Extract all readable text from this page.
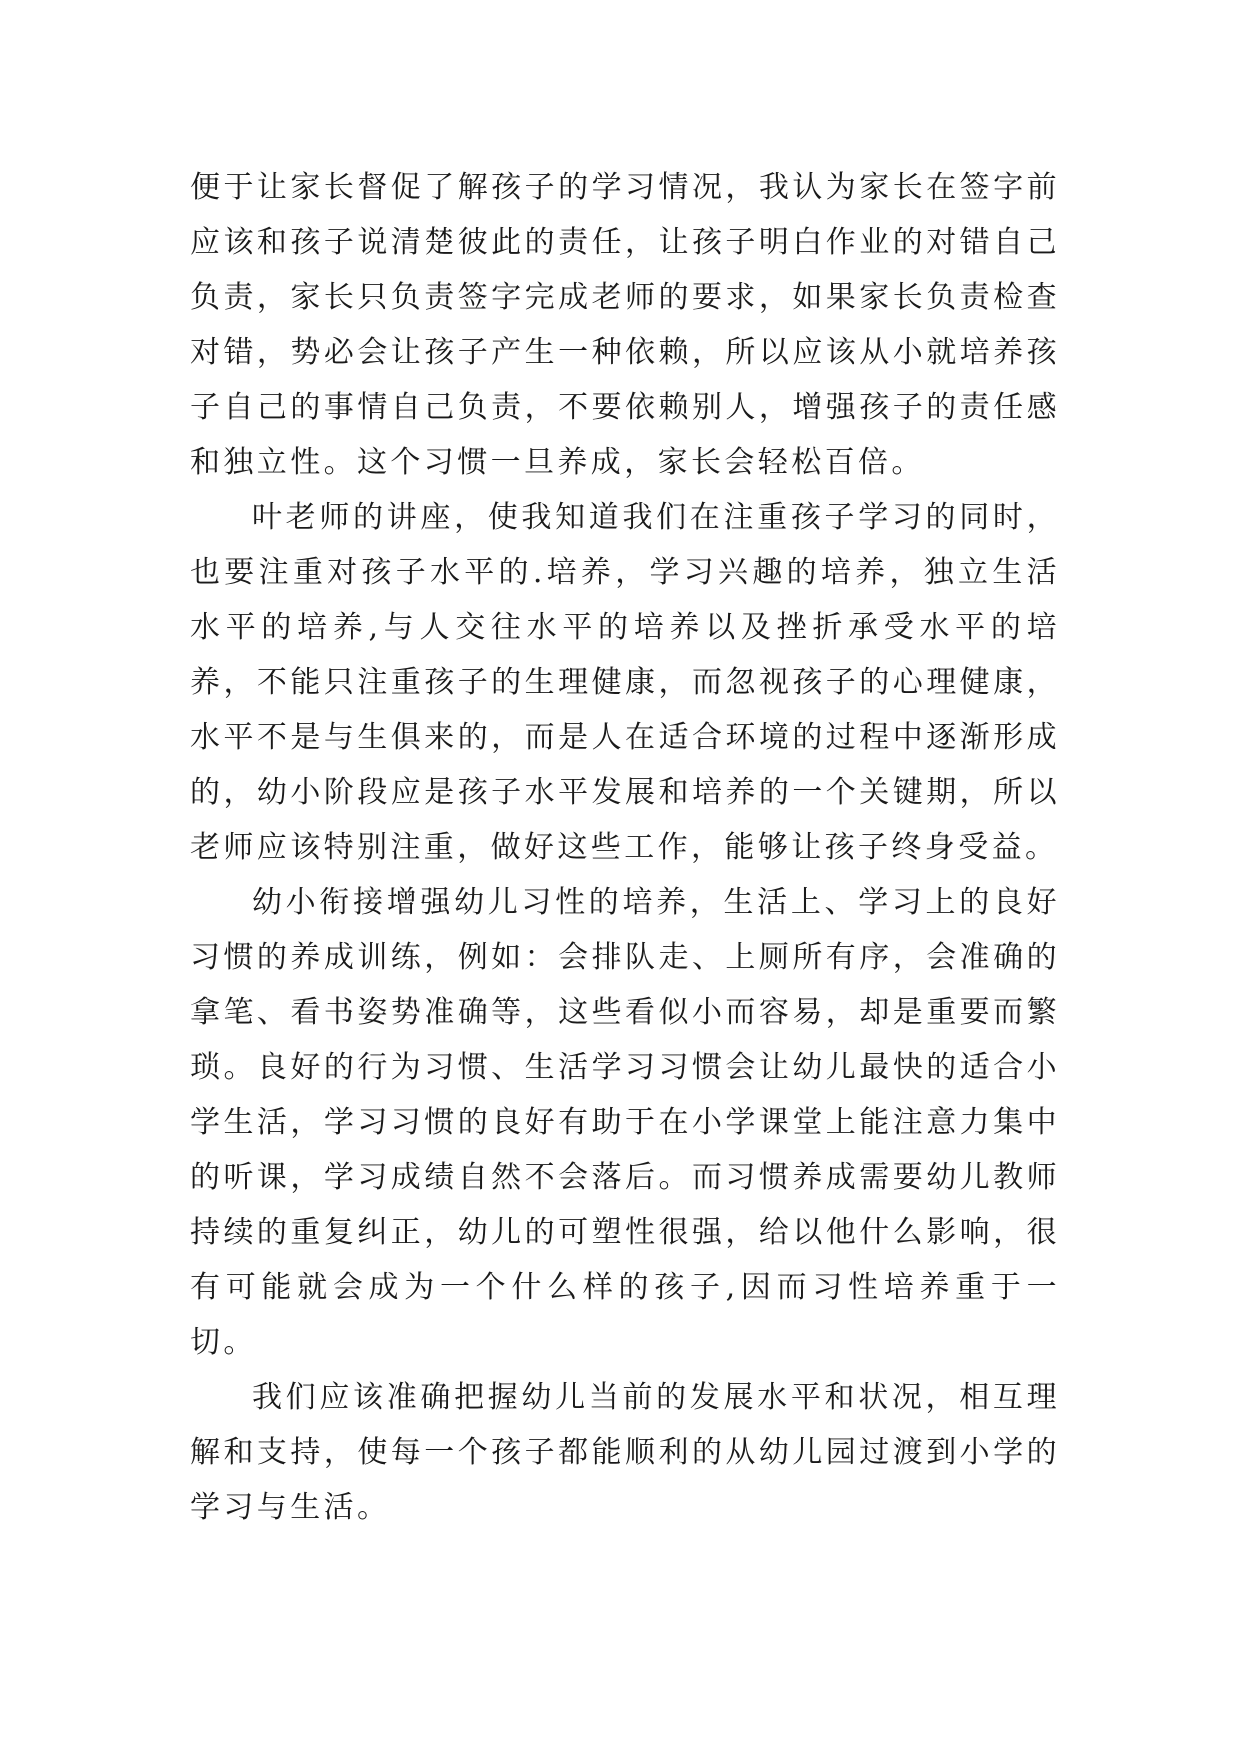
便于让家长督促了解孩子的学习情况，我认为家长在签字前应该和孩子说清楚彼此的责任，让孩子明白作业的对错自己负责，家长只负责签字完成老师的要求，如果家长负责检查对错，势必会让孩子产生一种依赖，所以应该从小就培养孩子自己的事情自己负责，不要依赖别人，增强孩子的责任感和独立性。这个习惯一旦养成，家长会轻松百倍。

叶老师的讲座，使我知道我们在注重孩子学习的同时，也要注重对孩子水平的.培养，学习兴趣的培养，独立生活水平的培养,与人交往水平的培养以及挫折承受水平的培养，不能只注重孩子的生理健康，而忽视孩子的心理健康，水平不是与生俱来的，而是人在适合环境的过程中逐渐形成的，幼小阶段应是孩子水平发展和培养的一个关键期，所以老师应该特别注重，做好这些工作，能够让孩子终身受益。

幼小衔接增强幼儿习性的培养，生活上、学习上的良好习惯的养成训练，例如：会排队走、上厕所有序，会准确的拿笔、看书姿势准确等，这些看似小而容易，却是重要而繁琐。良好的行为习惯、生活学习习惯会让幼儿最快的适合小学生活，学习习惯的良好有助于在小学课堂上能注意力集中的听课，学习成绩自然不会落后。而习惯养成需要幼儿教师持续的重复纠正，幼儿的可塑性很强，给以他什么影响，很有可能就会成为一个什么样的孩子,因而习性培养重于一切。

我们应该准确把握幼儿当前的发展水平和状况，相互理解和支持，使每一个孩子都能顺利的从幼儿园过渡到小学的学习与生活。
